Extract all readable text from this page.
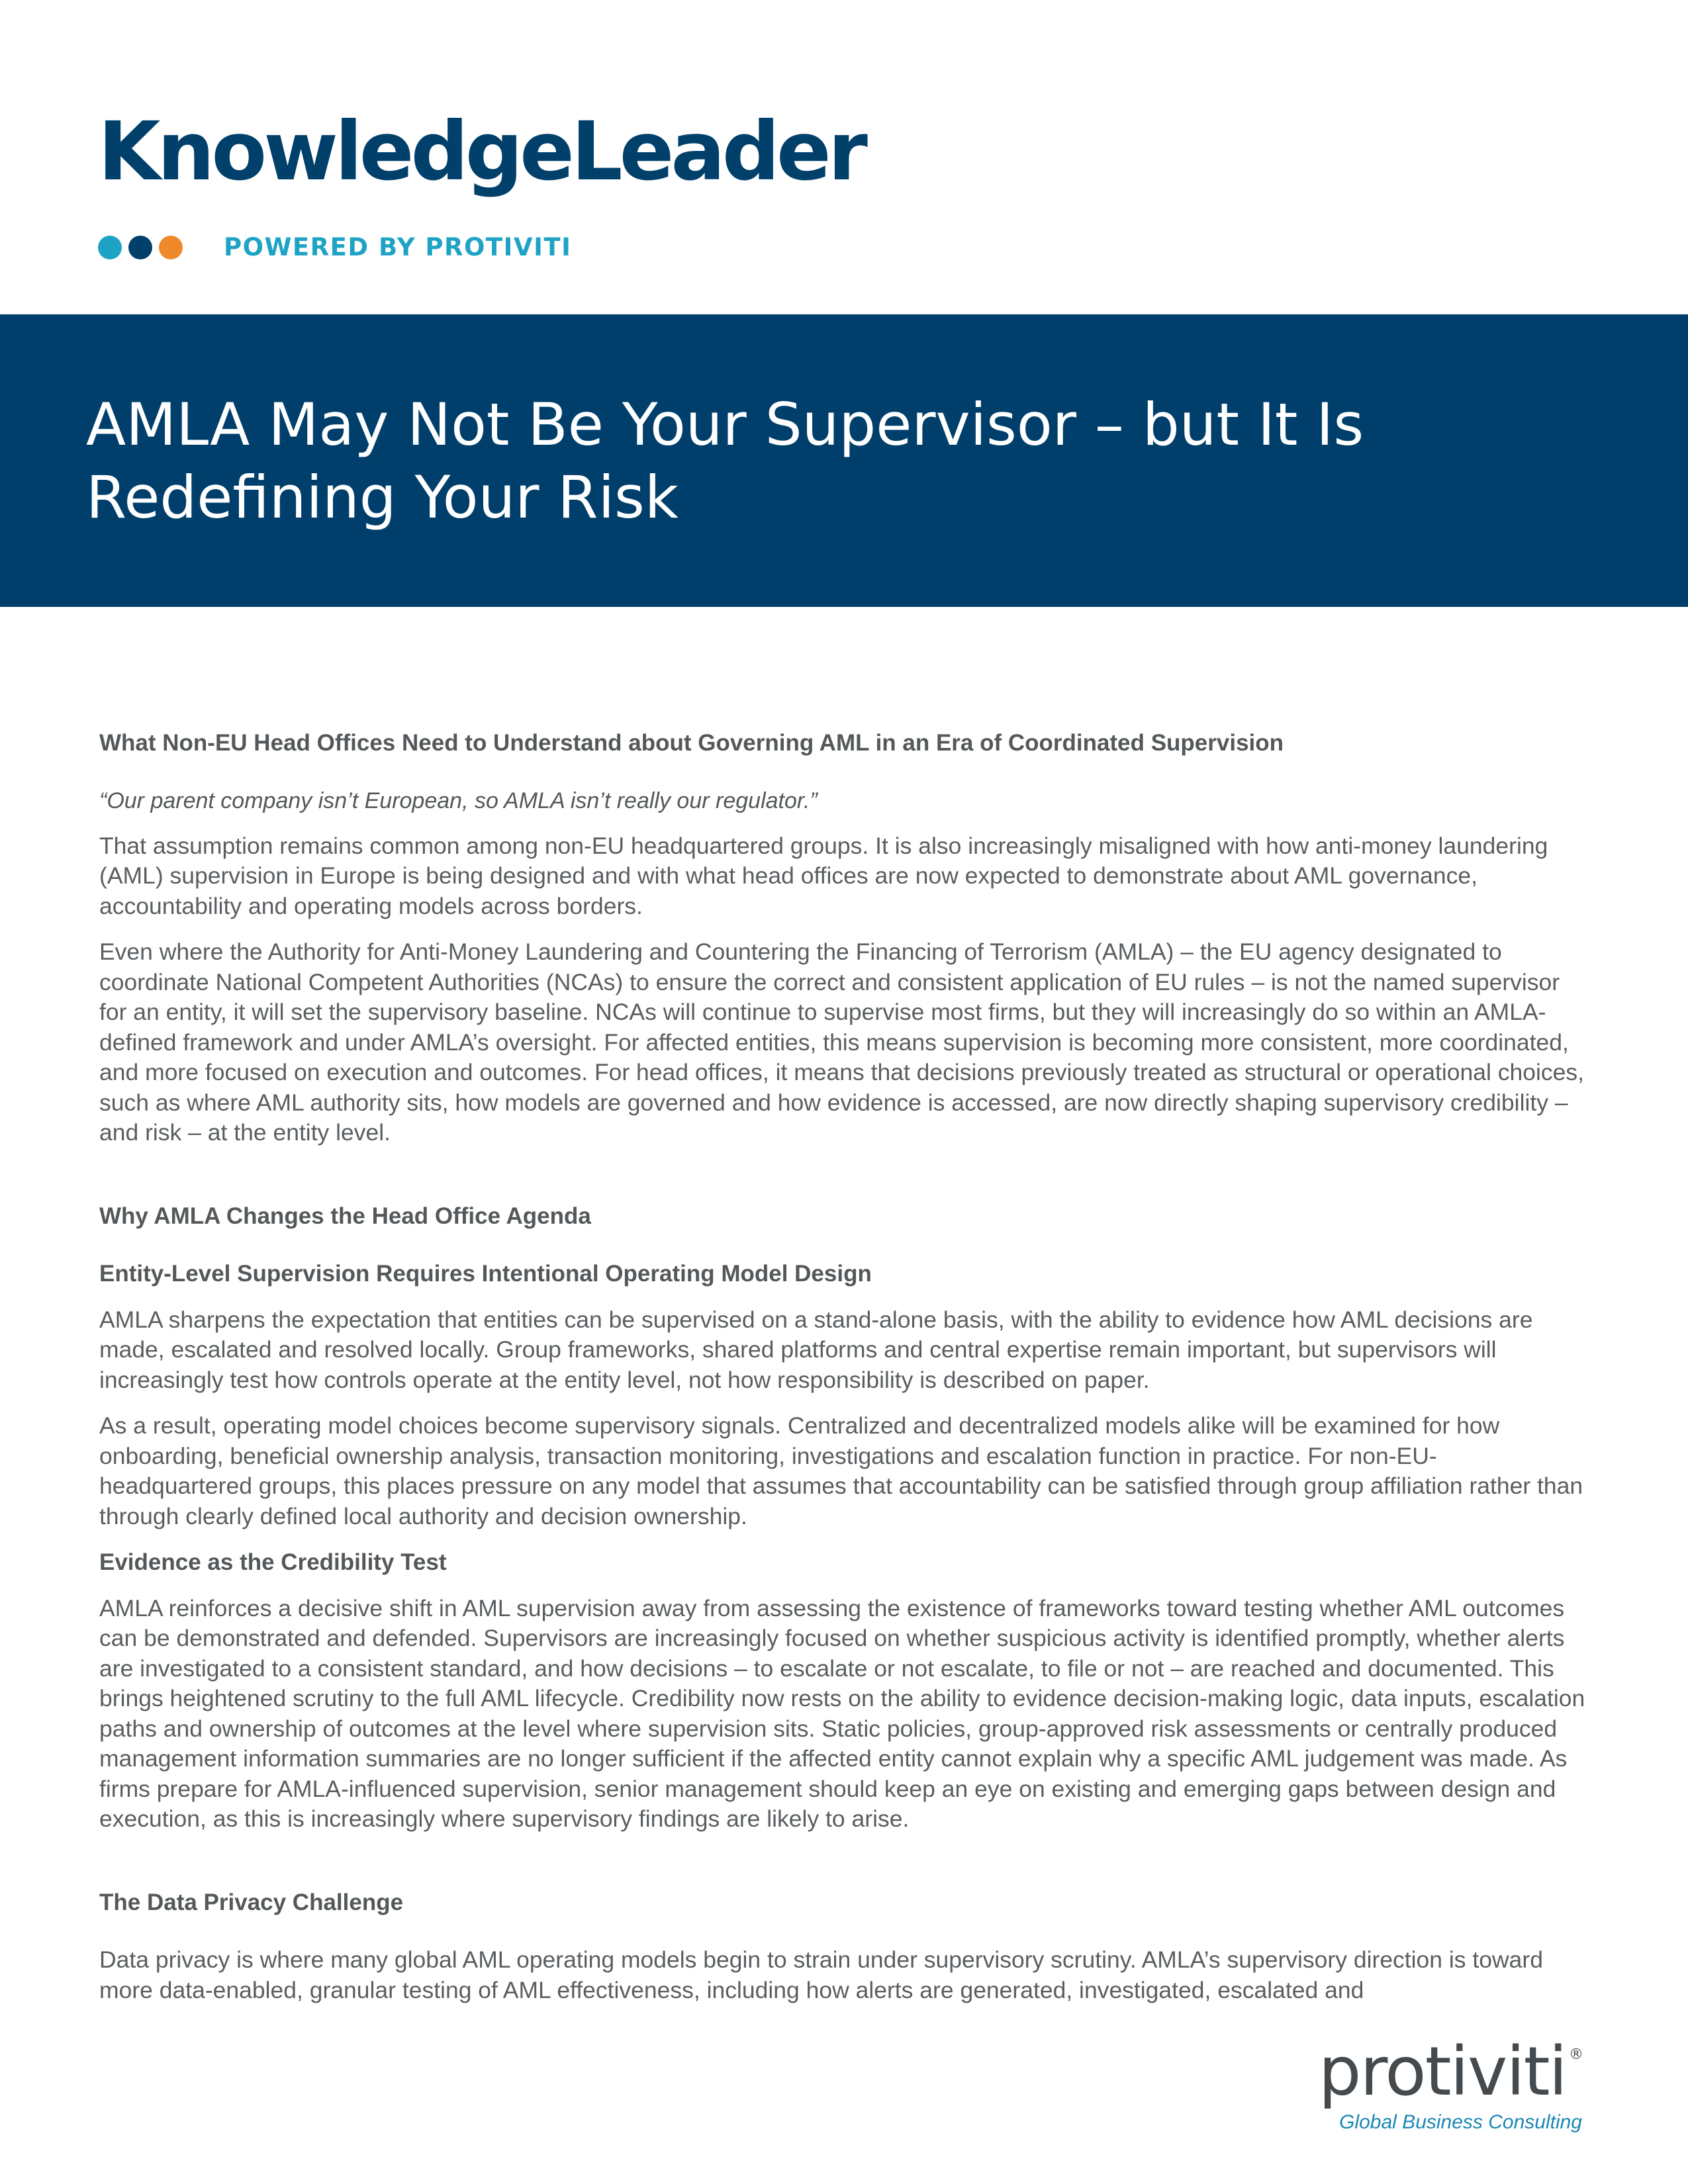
KnowledgeLeader
POWERED BY PROTIVITI
AMLA May Not Be Your Supervisor – but It Is Redefining Your Risk

What Non-EU Head Offices Need to Understand about Governing AML in an Era of Coordinated Supervision

“Our parent company isn’t European, so AMLA isn’t really our regulator.”

That assumption remains common among non-EU headquartered groups. It is also increasingly misaligned with how anti-money laundering (AML) supervision in Europe is being designed and with what head offices are now expected to demonstrate about AML governance, accountability and operating models across borders.

Even where the Authority for Anti-Money Laundering and Countering the Financing of Terrorism (AMLA) – the EU agency designated to coordinate National Competent Authorities (NCAs) to ensure the correct and consistent application of EU rules – is not the named supervisor for an entity, it will set the supervisory baseline. NCAs will continue to supervise most firms, but they will increasingly do so within an AMLA-defined framework and under AMLA’s oversight. For affected entities, this means supervision is becoming more consistent, more coordinated, and more focused on execution and outcomes. For head offices, it means that decisions previously treated as structural or operational choices, such as where AML authority sits, how models are governed and how evidence is accessed, are now directly shaping supervisory credibility – and risk – at the entity level.

Why AMLA Changes the Head Office Agenda

Entity-Level Supervision Requires Intentional Operating Model Design

AMLA sharpens the expectation that entities can be supervised on a stand-alone basis, with the ability to evidence how AML decisions are made, escalated and resolved locally. Group frameworks, shared platforms and central expertise remain important, but supervisors will increasingly test how controls operate at the entity level, not how responsibility is described on paper.

As a result, operating model choices become supervisory signals. Centralized and decentralized models alike will be examined for how onboarding, beneficial ownership analysis, transaction monitoring, investigations and escalation function in practice. For non-EU-headquartered groups, this places pressure on any model that assumes that accountability can be satisfied through group affiliation rather than through clearly defined local authority and decision ownership.

Evidence as the Credibility Test

AMLA reinforces a decisive shift in AML supervision away from assessing the existence of frameworks toward testing whether AML outcomes can be demonstrated and defended. Supervisors are increasingly focused on whether suspicious activity is identified promptly, whether alerts are investigated to a consistent standard, and how decisions – to escalate or not escalate, to file or not – are reached and documented. This brings heightened scrutiny to the full AML lifecycle. Credibility now rests on the ability to evidence decision-making logic, data inputs, escalation paths and ownership of outcomes at the level where supervision sits. Static policies, group-approved risk assessments or centrally produced management information summaries are no longer sufficient if the affected entity cannot explain why a specific AML judgement was made. As firms prepare for AMLA-influenced supervision, senior management should keep an eye on existing and emerging gaps between design and execution, as this is increasingly where supervisory findings are likely to arise.

The Data Privacy Challenge

Data privacy is where many global AML operating models begin to strain under supervisory scrutiny. AMLA’s supervisory direction is toward more data-enabled, granular testing of AML effectiveness, including how alerts are generated, investigated, escalated and

protiviti ®
Global Business Consulting
